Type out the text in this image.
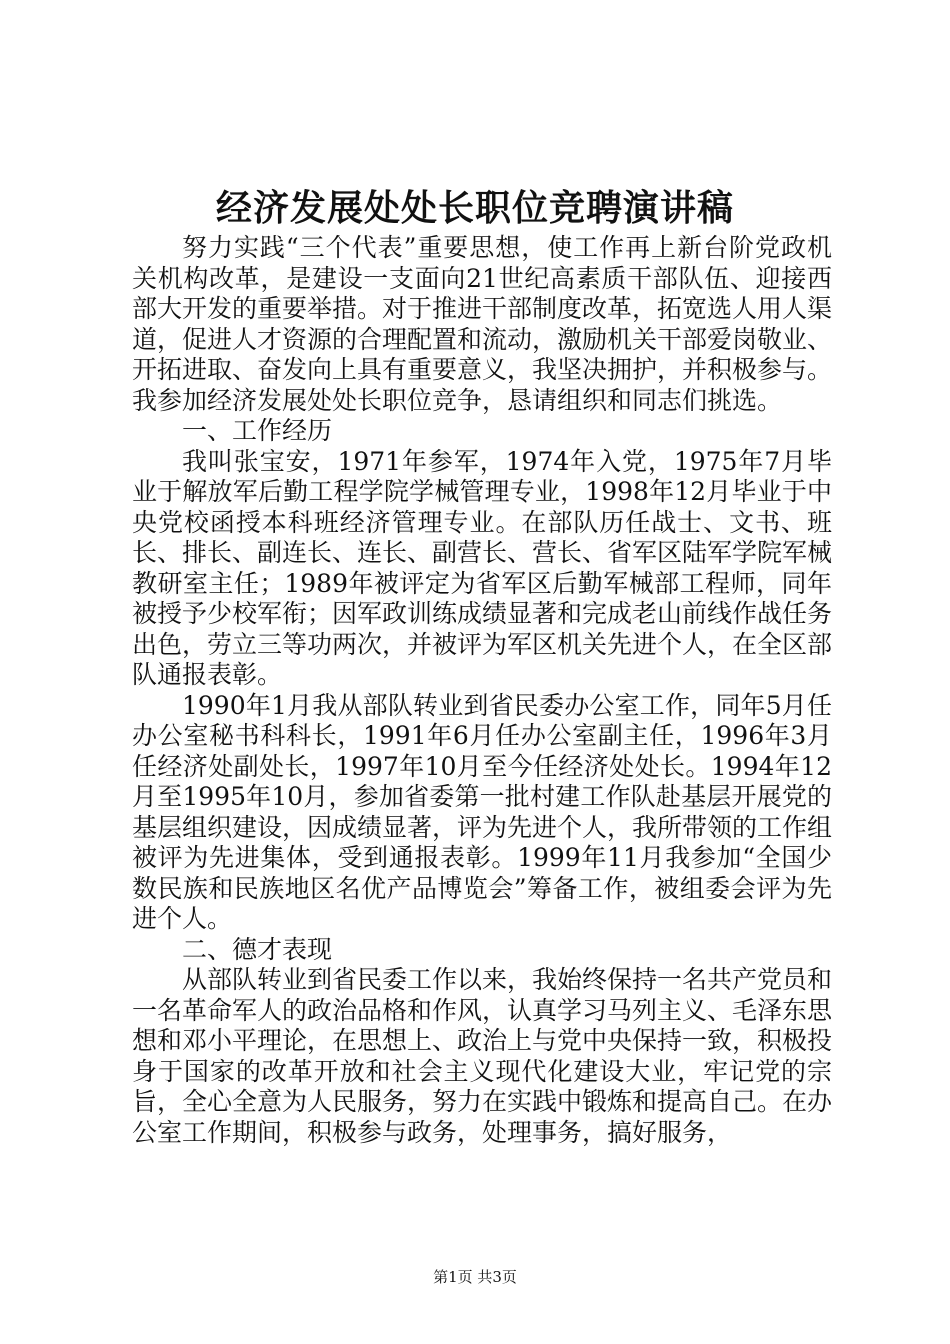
经济发展处处长职位竞聘演讲稿

努力实践“三个代表”重要思想，使工作再上新台阶党政机关机构改革，是建设一支面向21世纪高素质干部队伍、迎接西部大开发的重要举措。对于推进干部制度改革，拓宽选人用人渠道，促进人才资源的合理配置和流动，激励机关干部爱岗敬业、开拓进取、奋发向上具有重要意义，我坚决拥护，并积极参与。我参加经济发展处处长职位竞争，恳请组织和同志们挑选。

一、工作经历

我叫张宝安，1971年参军，1974年入党，1975年7月毕业于解放军后勤工程学院学械管理专业，1998年12月毕业于中央党校函授本科班经济管理专业。在部队历任战士、文书、班长、排长、副连长、连长、副营长、营长、省军区陆军学院军械教研室主任；1989年被评定为省军区后勤军械部工程师，同年被授予少校军衔；因军政训练成绩显著和完成老山前线作战任务出色，劳立三等功两次，并被评为军区机关先进个人，在全区部队通报表彰。

1990年1月我从部队转业到省民委办公室工作，同年5月任办公室秘书科科长，1991年6月任办公室副主任，1996年3月任经济处副处长，1997年10月至今任经济处处长。1994年12月至1995年10月，参加省委第一批村建工作队赴基层开展党的基层组织建设，因成绩显著，评为先进个人，我所带领的工作组被评为先进集体，受到通报表彰。1999年11月我参加“全国少数民族和民族地区名优产品博览会”筹备工作，被组委会评为先进个人。

二、德才表现

从部队转业到省民委工作以来，我始终保持一名共产党员和一名革命军人的政治品格和作风，认真学习马列主义、毛泽东思想和邓小平理论，在思想上、政治上与党中央保持一致，积极投身于国家的改革开放和社会主义现代化建设大业，牢记党的宗旨，全心全意为人民服务，努力在实践中锻炼和提高自己。在办公室工作期间，积极参与政务，处理事务，搞好服务，

第1页 共3页
